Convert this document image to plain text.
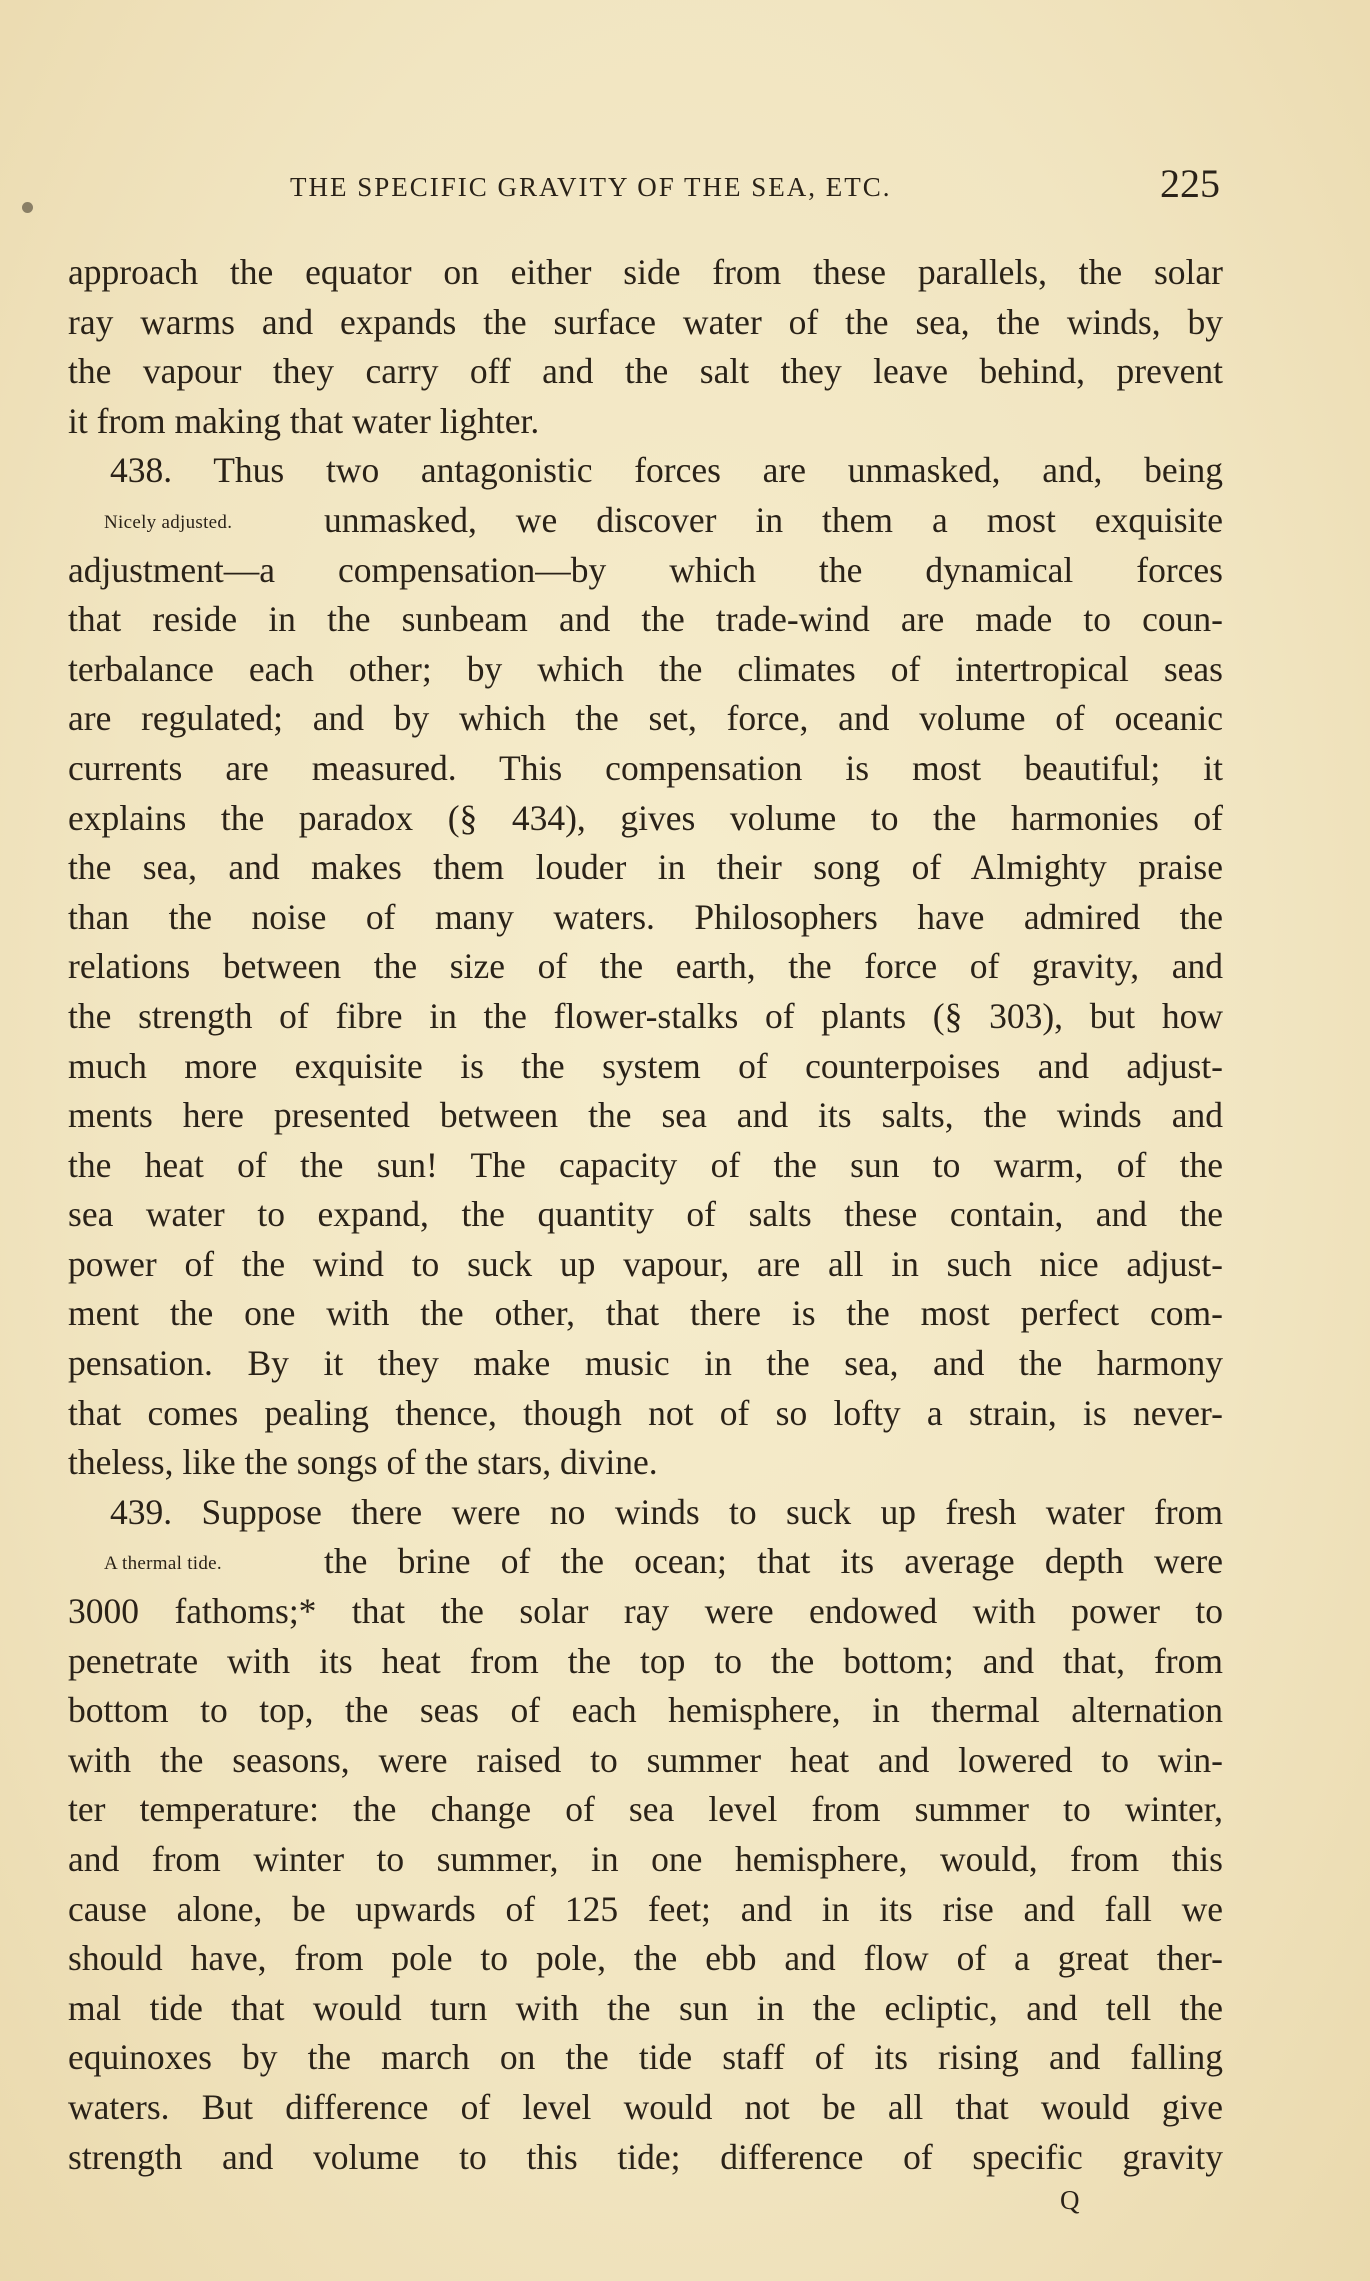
THE SPECIFIC GRAVITY OF THE SEA, ETC.	225
approach the equator on either side from these parallels, the solar
ray warms and expands the surface water of the sea, the winds, by
the vapour they carry off and the salt they leave behind, prevent
it from making that water lighter.
438. Thus two antagonistic forces are unmasked, and, being
Nicely adjusted.	unmasked, we discover in them a most exquisite
adjustment—a compensation—by which the dynamical forces
that reside in the sunbeam and the trade-wind are made to coun-
terbalance each other; by which the climates of intertropical seas
are regulated; and by which the set, force, and volume of oceanic
currents are measured. This compensation is most beautiful; it
explains the paradox (§ 434), gives volume to the harmonies of
the sea, and makes them louder in their song of Almighty praise
than the noise of many waters. Philosophers have admired the
relations between the size of the earth, the force of gravity, and
the strength of fibre in the flower-stalks of plants (§ 303), but how
much more exquisite is the system of counterpoises and adjust-
ments here presented between the sea and its salts, the winds and
the heat of the sun! The capacity of the sun to warm, of the
sea water to expand, the quantity of salts these contain, and the
power of the wind to suck up vapour, are all in such nice adjust-
ment the one with the other, that there is the most perfect com-
pensation. By it they make music in the sea, and the harmony
that comes pealing thence, though not of so lofty a strain, is never-
theless, like the songs of the stars, divine.
439. Suppose there were no winds to suck up fresh water from
A thermal tide.	the brine of the ocean; that its average depth were
3000 fathoms;* that the solar ray were endowed with power to
penetrate with its heat from the top to the bottom; and that, from
bottom to top, the seas of each hemisphere, in thermal alternation
with the seasons, were raised to summer heat and lowered to win-
ter temperature: the change of sea level from summer to winter,
and from winter to summer, in one hemisphere, would, from this
cause alone, be upwards of 125 feet; and in its rise and fall we
should have, from pole to pole, the ebb and flow of a great ther-
mal tide that would turn with the sun in the ecliptic, and tell the
equinoxes by the march on the tide staff of its rising and falling
waters. But difference of level would not be all that would give
strength and volume to this tide; difference of specific gravity
Q
